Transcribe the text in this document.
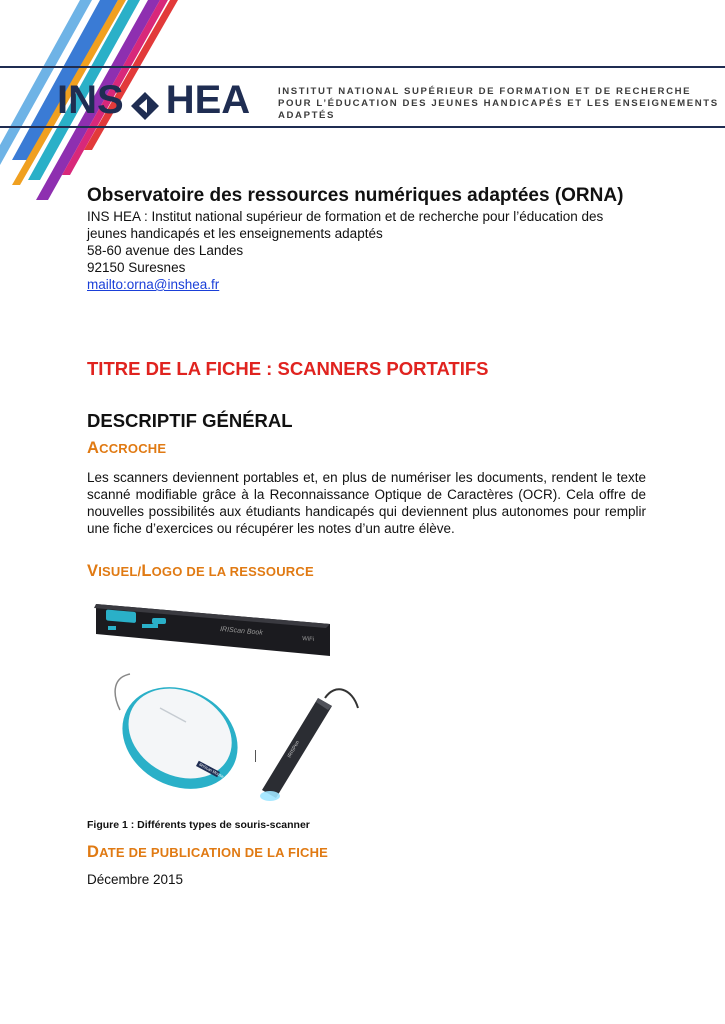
INS HEA	INSTITUT NATIONAL SUPÉRIEUR DE FORMATION ET DE RECHERCHE
POUR L’ÉDUCATION DES JEUNES HANDICAPÉS ET LES ENSEIGNEMENTS ADAPTÉS
Observatoire des ressources numériques adaptées (ORNA)
INS HEA : Institut national supérieur de formation et de recherche pour l’éducation des
jeunes handicapés et les enseignements adaptés
58-60 avenue des Landes
92150 Suresnes
mailto:orna@inshea.fr
TITRE DE LA FICHE : SCANNERS PORTATIFS
DESCRIPTIF GÉNÉRAL
ACCROCHE
Les scanners deviennent portables et, en plus de numériser les documents, rendent le texte scanné modifiable grâce à la Reconnaissance Optique de Caractères (OCR). Cela offre de nouvelles possibilités aux étudiants handicapés qui deviennent plus autonomes pour remplir une fiche d’exercices ou récupérer les notes d’un autre élève.
VISUEL/LOGO DE LA RESSOURCE
IRIScan Book
WiFi
IRIScan Mouse
IRISPen
Figure 1 : Différents types de souris-scanner
DATE DE PUBLICATION DE LA FICHE
Décembre 2015
